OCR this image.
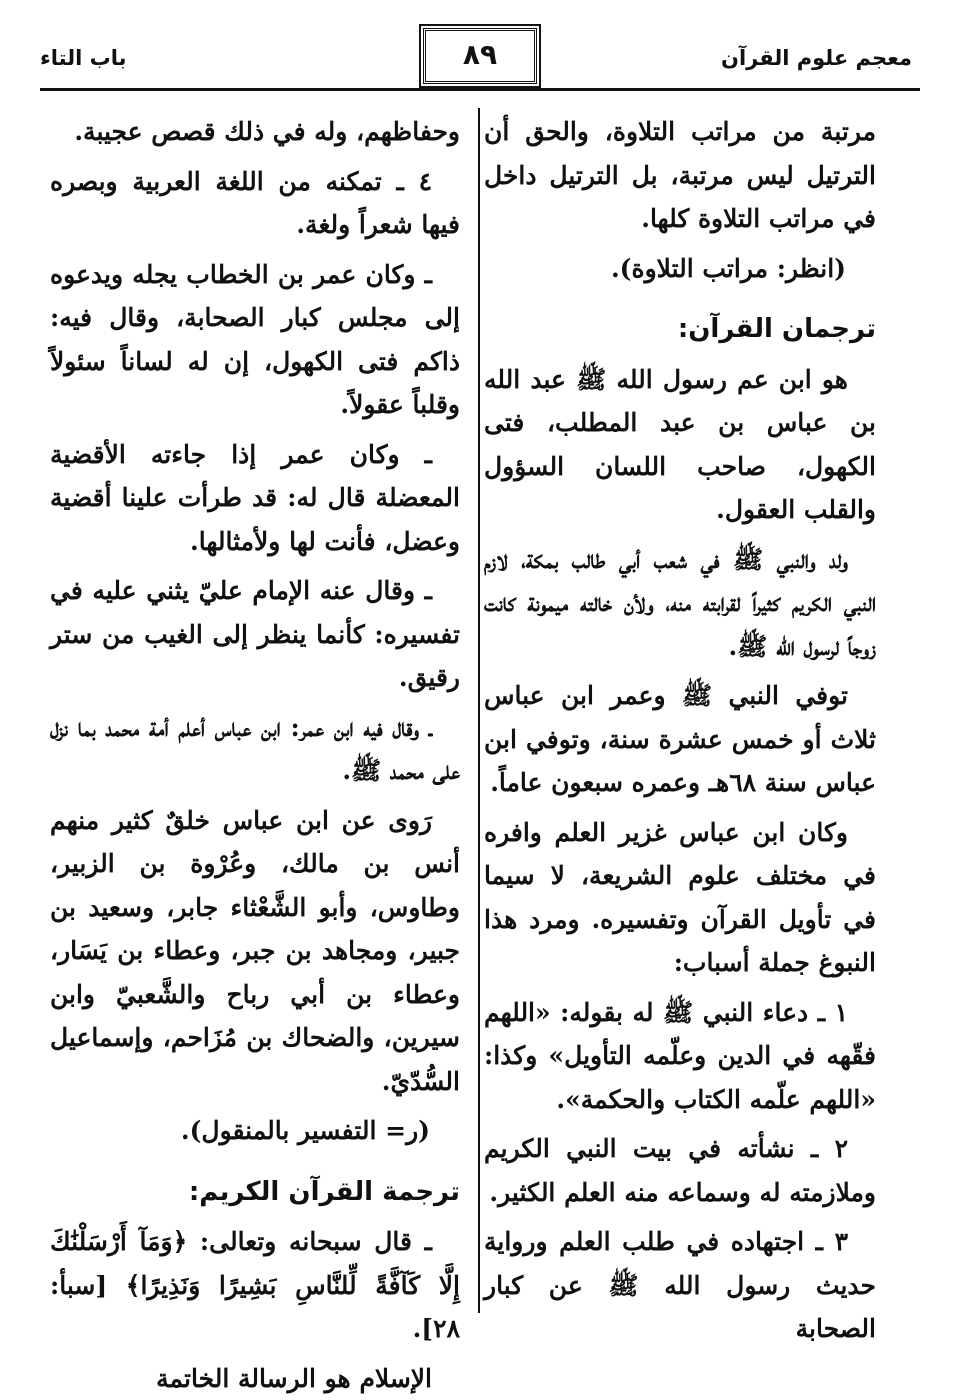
معجم علوم القرآن
٨٩
باب التاء

مرتبة من مراتب التلاوة، والحق أن الترتيل ليس مرتبة، بل الترتيل داخل في مراتب التلاوة كلها.

(انظر: مراتب التلاوة).

ترجمان القرآن:

هو ابن عم رسول الله ﷺ عبد الله بن عباس بن عبد المطلب، فتى الكهول، صاحب اللسان السؤول والقلب العقول.

ولد والنبي ﷺ في شعب أبي طالب بمكة، لازم النبي الكريم كثيراً لقرابته منه، ولأن خالته ميمونة كانت زوجاً لرسول الله ﷺ.

توفي النبي ﷺ وعمر ابن عباس ثلاث أو خمس عشرة سنة، وتوفي ابن عباس سنة ٦٨هـ وعمره سبعون عاماً.

وكان ابن عباس غزير العلم وافره في مختلف علوم الشريعة، لا سيما في تأويل القرآن وتفسيره. ومرد هذا النبوغ جملة أسباب:

١ ـ دعاء النبي ﷺ له بقوله: «اللهم فقّهه في الدين وعلّمه التأويل» وكذا: «اللهم علّمه الكتاب والحكمة».

٢ ـ نشأته في بيت النبي الكريم وملازمته له وسماعه منه العلم الكثير.

٣ ـ اجتهاده في طلب العلم ورواية حديث رسول الله ﷺ عن كبار الصحابة

وحفاظهم، وله في ذلك قصص عجيبة.

٤ ـ تمكنه من اللغة العربية وبصره فيها شعراً ولغة.

ـ وكان عمر بن الخطاب يجله ويدعوه إلى مجلس كبار الصحابة، وقال فيه: ذاكم فتى الكهول، إن له لساناً سئولاً وقلباً عقولاً.

ـ وكان عمر إذا جاءته الأقضية المعضلة قال له: قد طرأت علينا أقضية وعضل، فأنت لها ولأمثالها.

ـ وقال عنه الإمام عليّ يثني عليه في تفسيره: كأنما ينظر إلى الغيب من ستر رقيق.

ـ وقال فيه ابن عمر: ابن عباس أعلم أمة محمد بما نزل على محمد ﷺ.

رَوى عن ابن عباس خلقٌ كثير منهم أنس بن مالك، وعُرْوة بن الزبير، وطاوس، وأبو الشَّعْثاء جابر، وسعيد بن جبير، ومجاهد بن جبر، وعطاء بن يَسَار، وعطاء بن أبي رباح والشَّعبيّ وابن سيرين، والضحاك بن مُزَاحم، وإسماعيل السُّدّيّ.

(ر= التفسير بالمنقول).

ترجمة القرآن الكريم:

ـ قال سبحانه وتعالى: ﴿وَمَآ أَرْسَلْنَٰكَ إِلَّا كَآفَّةً لِّلنَّاسِ بَشِيرًا وَنَذِيرًا﴾ [سبأ: ٢٨].

الإسلام هو الرسالة الخاتمة
